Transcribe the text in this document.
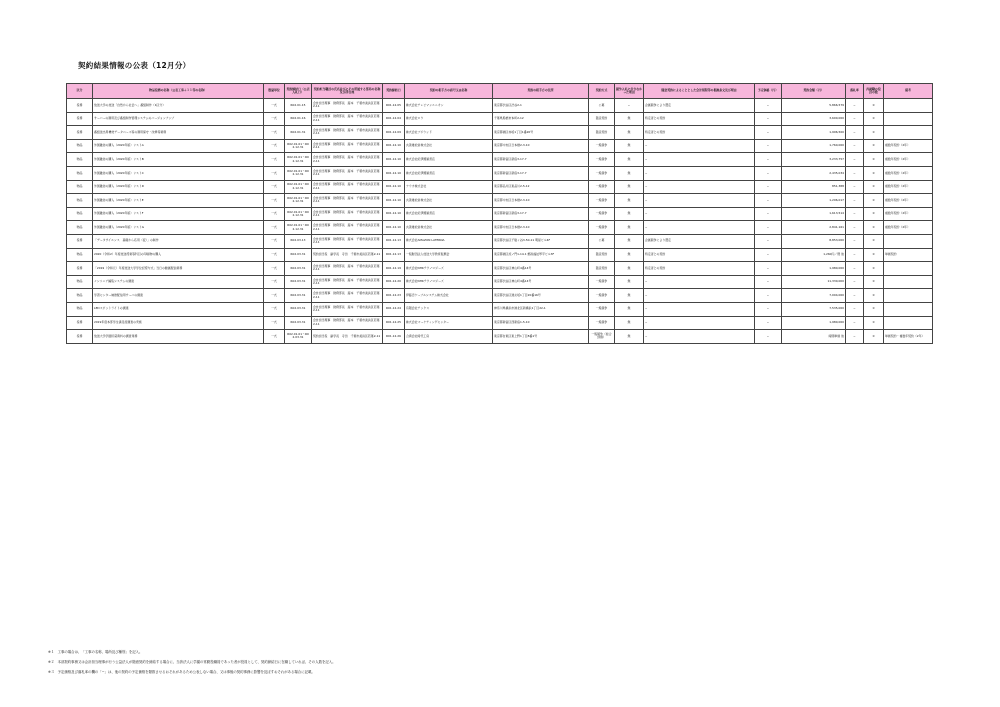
契約結果情報の公表（12月分）
区分	物品役務の名称（公表工事＋１１等の名称）	数量単位	契約締結日（公表入札日）	契約担当職員の氏名並びにその所属する部局の名称及び所在地	契約締結日	契約の相手方の商号又は名称	契約の相手方の住所	契約方式	競争入札に付さなかった理由	随意契約によることとした会計規程等の根拠条文及び理由	予定価格（円）	契約金額（円）	落札率	再就職の役員の数	備考
役務	放送大学の放送「自然から社会へ」番組制作（1区分）	一式	R02.01.15	会計担当理事　財務部長　藤本　千葉市美浜区若葉2-11	R01.12.05	株式会社テレビマンユニオン	東京都渋谷区渋谷2-1	公募	−	企画競争により選定	−	5,866,579	−	0	
役務	サーバーの運用及び番組制作管理システムのバージョンアップ	一式	R02.01.16	会計担当理事　財務部長　藤本　千葉市美浜区若葉2-11	R01.12.04	株式会社ロウ	千葉県船橋市本町2-12	随意契約	無	特定者との契約	−	3,600,000	−	0	
役務	番組送出用機材データベース等の運用保守・改修等業務	一式	R02.01.31	会計担当理事　財務部長　藤本　千葉市美浜区若葉2-11	R01.12.09	株式会社ブジウッド	東京都港区赤坂1丁目1番20号	随意契約	無	特定者との契約	−	1,996,500	−	0	
物品	外国雑誌の購入（2020年版）リストA	一式	R02.01.01〜R02.12.31	会計担当理事　財務部長　藤本　千葉市美浜区若葉2-11	R01.12.10	丸善雄松堂株式会社	東京都中央区日本橋2-3-10	一般競争	無	−	−	1,760,000	−	0	複数年契約（2年）
物品	外国雑誌の購入（2020年版）リストB	一式	R02.01.01〜R02.12.31	会計担当理事　財務部長　藤本　千葉市美浜区若葉2-11	R01.12.10	株式会社紀伊國屋書店	東京都新宿区新宿3-17-7	一般競争	無	−	−	3,233,757	−	0	複数年契約（2年）
物品	外国雑誌の購入（2020年版）リストC	一式	R02.01.01〜R02.12.31	会計担当理事　財務部長　藤本　千葉市美浜区若葉2-11	R01.12.10	株式会社紀伊國屋書店	東京都新宿区新宿3-17-7	一般競争	無	−	−	2,435,034	−	0	複数年契約（2年）
物品	外国雑誌の購入（2020年版）リストD	一式	R02.01.01〜R02.12.31	会計担当理事　財務部長　藤本　千葉市美浜区若葉2-11	R01.12.10	ナウカ株式会社	東京都品川区東品川2-5-12	一般競争	無	−	−	851,388	−	0	複数年契約（2年）
物品	外国雑誌の購入（2020年版）リストE	一式	R02.01.01〜R02.12.31	会計担当理事　財務部長　藤本　千葉市美浜区若葉2-11	R01.12.10	丸善雄松堂株式会社	東京都中央区日本橋2-3-10	一般競争	無	−	−	1,296,017	−	0	複数年契約（2年）
物品	外国雑誌の購入（2020年版）リストF	一式	R02.01.01〜R02.12.31	会計担当理事　財務部長　藤本　千葉市美浜区若葉2-11	R01.12.10	株式会社紀伊國屋書店	東京都新宿区新宿3-17-7	一般競争	無	−	−	1,613,514	−	0	複数年契約（2年）
物品	外国雑誌の購入（2020年版）リストG	一式	R02.01.01〜R02.12.31	会計担当理事　財務部長　藤本　千葉市美浜区若葉2-11	R01.12.10	丸善雄松堂株式会社	東京都中央区日本橋2-3-10	一般競争	無	−	−	2,841,161	−	0	複数年契約（2年）
役務	「データサイエンス　基礎から応用（仮）」の制作	一式	R02.03.13	会計担当理事　財務部長　藤本　千葉市美浜区若葉2-11	R01.12.13	株式会社AMAZON LATERNA	東京都渋谷区千駄ヶ谷3-50-11 明星ビル4F	公募	無	企画競争により選定	−	8,853,000	−	0	
物品	2020（令和2）年度放送授業等科目の印刷物の購入	一式	R02.03.31	契約担当役　副学長　寺田　千葉市美浜区若葉2-11	R01.12.13	一般財団法人放送大学教育振興会	東京都港区虎ノ門1-14-1 郵政福祉琴平ビル3F	随意契約	無	特定者との契約	−	1,260円／冊 他	−	0	単価契約
役務	「2019（令和元）年度放送大学学位記授与式」当日の動画配信業務	一式	R02.03.31	会計担当理事　財務部長　藤本　千葉市美浜区若葉2-11	R01.12.19	株式会社NHKテクノロジーズ	東京都渋谷区神山町4番14号	随意契約	無	特定者との契約	−	1,980,000	−	0	
物品	ノンリニア編集システムの調達	一式	R02.03.31	会計担当理事　財務部長　藤本　千葉市美浜区若葉2-11	R01.12.20	株式会社NHKテクノロジーズ	東京都渋谷区神山町4番14号	一般競争	無	−	−	11,330,000	−	0	
物品	学習センター映像配信用サーバの調達	一式	R02.03.31	会計担当理事　財務部長　藤本　千葉市美浜区若葉2-11	R01.12.23	伊藤忠ケーブルシステム株式会社	東京都渋谷区道玄坂1丁目20番16号	一般競争	無	−	−	7,004,000	−	0	
物品	LEDスポットライトの調達	一式	R02.03.31	会計担当理事　財務部長　藤本　千葉市美浜区若葉2-11	R01.12.24	有限会社テックス	神奈川県横浜市港北区新横浜1丁目22-1	一般競争	無	−	−	7,535,000	−	0	
役務	2019年度本部学生満足度調査の実施	一式	R02.03.31	会計担当理事　財務部長　藤本　千葉市美浜区若葉2-11	R01.12.25	株式会社マーケティングセンター	東京都新宿区西新宿1-5-10	一般競争	無	−	−	1,980,000	−	0	
役務	放送大学学園所蔵資料の調査業務	一式	R02.01.01〜R02.03.31	契約担当役　副学長　寺田　千葉市美浜区若葉2-11	R01.12.26	合資会社時代工房	東京都台東区東上野1丁目8番1号	一般競争（総合評価）	無	−	−	時間単価 他	−	0	単価契約・複数年契約（2年）
※１　工事の場合は、「工事の名称、場所及び種別」を記入。
※２　本部契約事務又は会計担当理事が行う公益法人が随意契約を締結する場合に、当該法人に学園の常勤役職員であった者が役員として、契約締結日に在職していれば、その人数を記入。
※３　予定価格及び落札率の欄の「−」は、他の契約の予定価格を類推させるおそれがあるため公表しない場合、又は事後の契約事務に影響を及ぼすおそれがある場合に記載。
